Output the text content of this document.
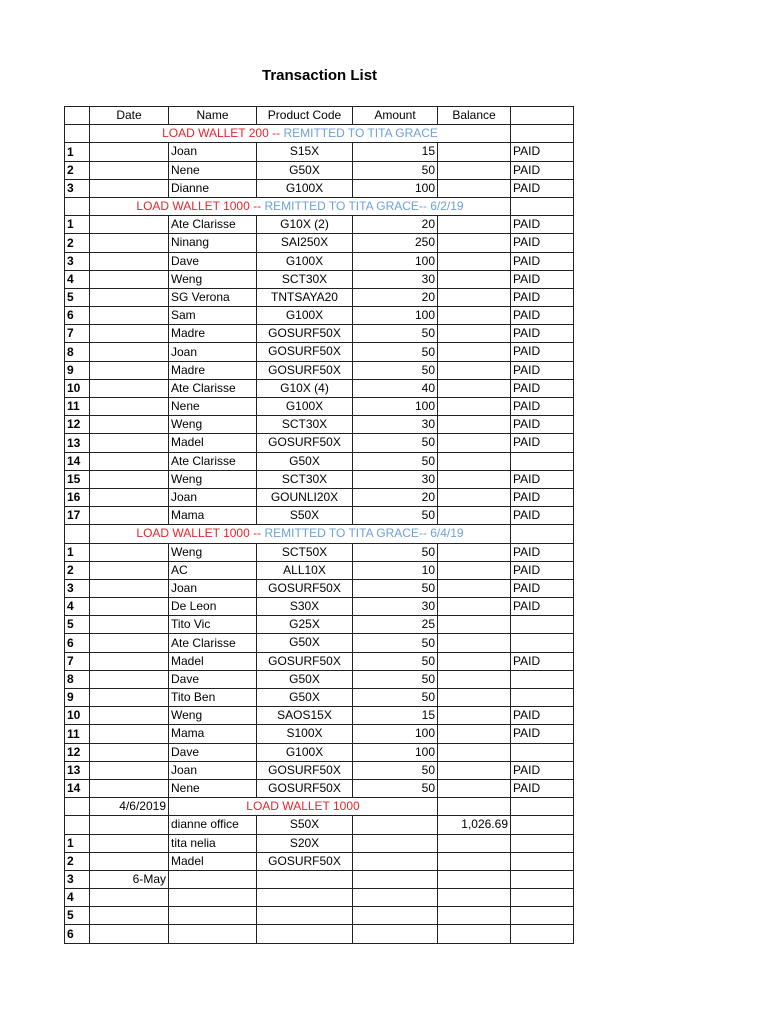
Transaction List
	Date	Name	Product Code	Amount	Balance	
	LOAD WALLET 200 -- REMITTED TO TITA GRACE					
1		Joan	S15X	15		PAID
2		Nene	G50X	50		PAID
3		Dianne	G100X	100		PAID
	LOAD WALLET 1000 -- REMITTED TO TITA GRACE-- 6/2/19					
1		Ate Clarisse	G10X (2)	20		PAID
2		Ninang	SAI250X	250		PAID
3		Dave	G100X	100		PAID
4		Weng	SCT30X	30		PAID
5		SG Verona	TNTSAYA20	20		PAID
6		Sam	G100X	100		PAID
7		Madre	GOSURF50X	50		PAID
8		Joan	GOSURF50X	50		PAID
9		Madre	GOSURF50X	50		PAID
10		Ate Clarisse	G10X (4)	40		PAID
11		Nene	G100X	100		PAID
12		Weng	SCT30X	30		PAID
13		Madel	GOSURF50X	50		PAID
14		Ate Clarisse	G50X	50		
15		Weng	SCT30X	30		PAID
16		Joan	GOUNLI20X	20		PAID
17		Mama	S50X	50		PAID
	LOAD WALLET 1000 -- REMITTED TO TITA GRACE-- 6/4/19					
1		Weng	SCT50X	50		PAID
2		AC	ALL10X	10		PAID
3		Joan	GOSURF50X	50		PAID
4		De Leon	S30X	30		PAID
5		Tito Vic	G25X	25		
6		Ate Clarisse	G50X	50		
7		Madel	GOSURF50X	50		PAID
8		Dave	G50X	50		
9		Tito Ben	G50X	50		
10		Weng	SAOS15X	15		PAID
11		Mama	S100X	100		PAID
12		Dave	G100X	100		
13		Joan	GOSURF50X	50		PAID
14		Nene	GOSURF50X	50		PAID
	4/6/2019	LOAD WALLET 1000				
		dianne office	S50X		1,026.69	
1		tita nelia	S20X			
2		Madel	GOSURF50X			
3	6-May					
4						
5						
6						
